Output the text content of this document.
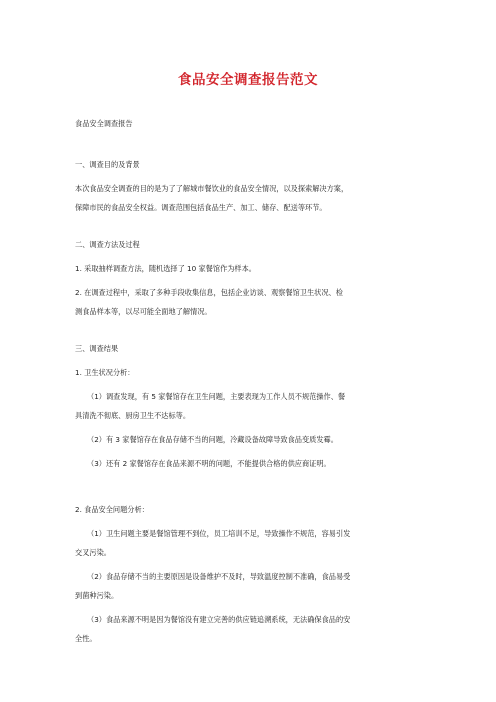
食品安全调查报告范文
食品安全调查报告
一、调查目的及背景
本次食品安全调查的目的是为了了解城市餐饮业的食品安全情况，以及探索解决方案，
保障市民的食品安全权益。调查范围包括食品生产、加工、储存、配送等环节。
二、调查方法及过程
1. 采取抽样调查方法，随机选择了 10 家餐馆作为样本。
2. 在调查过程中，采取了多种手段收集信息，包括企业访谈、观察餐馆卫生状况、检
测食品样本等，以尽可能全面地了解情况。
三、调查结果
1. 卫生状况分析：
（1）调查发现，有 5 家餐馆存在卫生问题，主要表现为工作人员不规范操作、餐
具清洗不彻底、厨房卫生不达标等。
（2）有 3 家餐馆存在食品存储不当的问题，冷藏设备故障导致食品变质发霉。
（3）还有 2 家餐馆存在食品来源不明的问题，不能提供合格的供应商证明。
2. 食品安全问题分析：
（1）卫生问题主要是餐馆管理不到位，员工培训不足，导致操作不规范，容易引发
交叉污染。
（2）食品存储不当的主要原因是设备维护不及时，导致温度控制不准确，食品易受
到菌种污染。
（3）食品来源不明是因为餐馆没有建立完善的供应链追溯系统，无法确保食品的安
全性。
